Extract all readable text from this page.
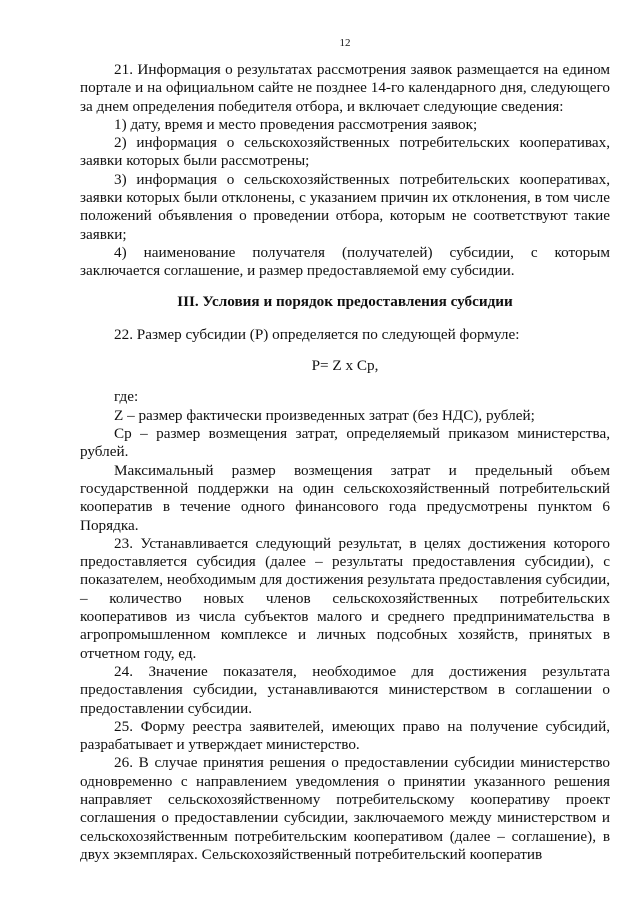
12

21. Информация о результатах рассмотрения заявок размещается на едином портале и на официальном сайте не позднее 14-го календарного дня, следующего за днем определения победителя отбора, и включает следующие сведения:

1) дату, время и место проведения рассмотрения заявок;

2) информация о сельскохозяйственных потребительских кооперативах, заявки которых были рассмотрены;

3) информация о сельскохозяйственных потребительских кооперативах, заявки которых были отклонены, с указанием причин их отклонения, в том числе положений объявления о проведении отбора, которым не соответствуют такие заявки;

4) наименование получателя (получателей) субсидии, с которым заключается соглашение, и размер предоставляемой ему субсидии.

III. Условия и порядок предоставления субсидии

22. Размер субсидии (Р) определяется по следующей формуле:

Р= Z х Ср,

где:

Z – размер фактически произведенных затрат (без НДС), рублей;

Ср – размер возмещения затрат, определяемый приказом министерства, рублей.

Максимальный размер возмещения затрат и предельный объем государственной поддержки на один сельскохозяйственный потребительский кооператив в течение одного финансового года предусмотрены пунктом 6 Порядка.

23. Устанавливается следующий результат, в целях достижения которого предоставляется субсидия (далее – результаты предоставления субсидии), с показателем, необходимым для достижения результата предоставления субсидии, – количество новых членов сельскохозяйственных потребительских кооперативов из числа субъектов малого и среднего предпринимательства в агропромышленном комплексе и личных подсобных хозяйств, принятых в отчетном году, ед.

24. Значение показателя, необходимое для достижения результата предоставления субсидии, устанавливаются министерством в соглашении о предоставлении субсидии.

25. Форму реестра заявителей, имеющих право на получение субсидий, разрабатывает и утверждает министерство.

26. В случае принятия решения о предоставлении субсидии министерство одновременно с направлением уведомления о принятии указанного решения направляет сельскохозяйственному потребительскому кооперативу проект соглашения о предоставлении субсидии, заключаемого между министерством и сельскохозяйственным потребительским кооперативом (далее – соглашение), в двух экземплярах. Сельскохозяйственный потребительский кооператив
